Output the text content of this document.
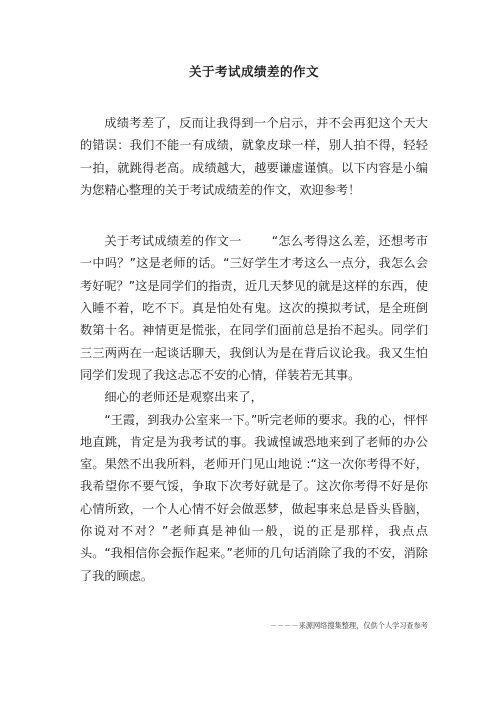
关于考试成绩差的作文

成绩考差了，反而让我得到一个启示，并不会再犯这个天大的错误：我们不能一有成绩，就象皮球一样，别人拍不得，轻轻一拍，就跳得老高。成绩越大，越要谦虚谨慎。以下内容是小编为您精心整理的关于考试成绩差的作文，欢迎参考！

关于考试成绩差的作文一 “怎么考得这么差，还想考市一中吗？”这是老师的话。“三好学生才考这么一点分，我怎么会考好呢？”这是同学们的指责，近几天梦见的就是这样的东西，使入睡不着，吃不下。真是怕处有鬼。这次的摸拟考试，是全班倒数第十名。神情更是慌张，在同学们面前总是抬不起头。同学们三三两两在一起谈话聊天，我倒认为是在背后议论我。我又生怕同学们发现了我这忐忑不安的心情，佯装若无其事。

细心的老师还是观察出来了，

“王霞，到我办公室来一下。”听完老师的要求。我的心，怦怦地直跳，肯定是为我考试的事。我诚惶诚恐地来到了老师的办公室。果然不出我所料，老师开门见山地说 :“这一次你考得不好，我希望你不要气馁，争取下次考好就是了。这次你考得不好是你心情所致，一个人心情不好会做恶梦，做起事来总是昏头昏脑，你说对不对？”老师真是神仙一般，说的正是那样，我点点头。“我相信你会振作起来。”老师的几句话消除了我的不安，消除了我的顾虑。

－－－－来源网络搜集整理，仅供个人学习查参考
